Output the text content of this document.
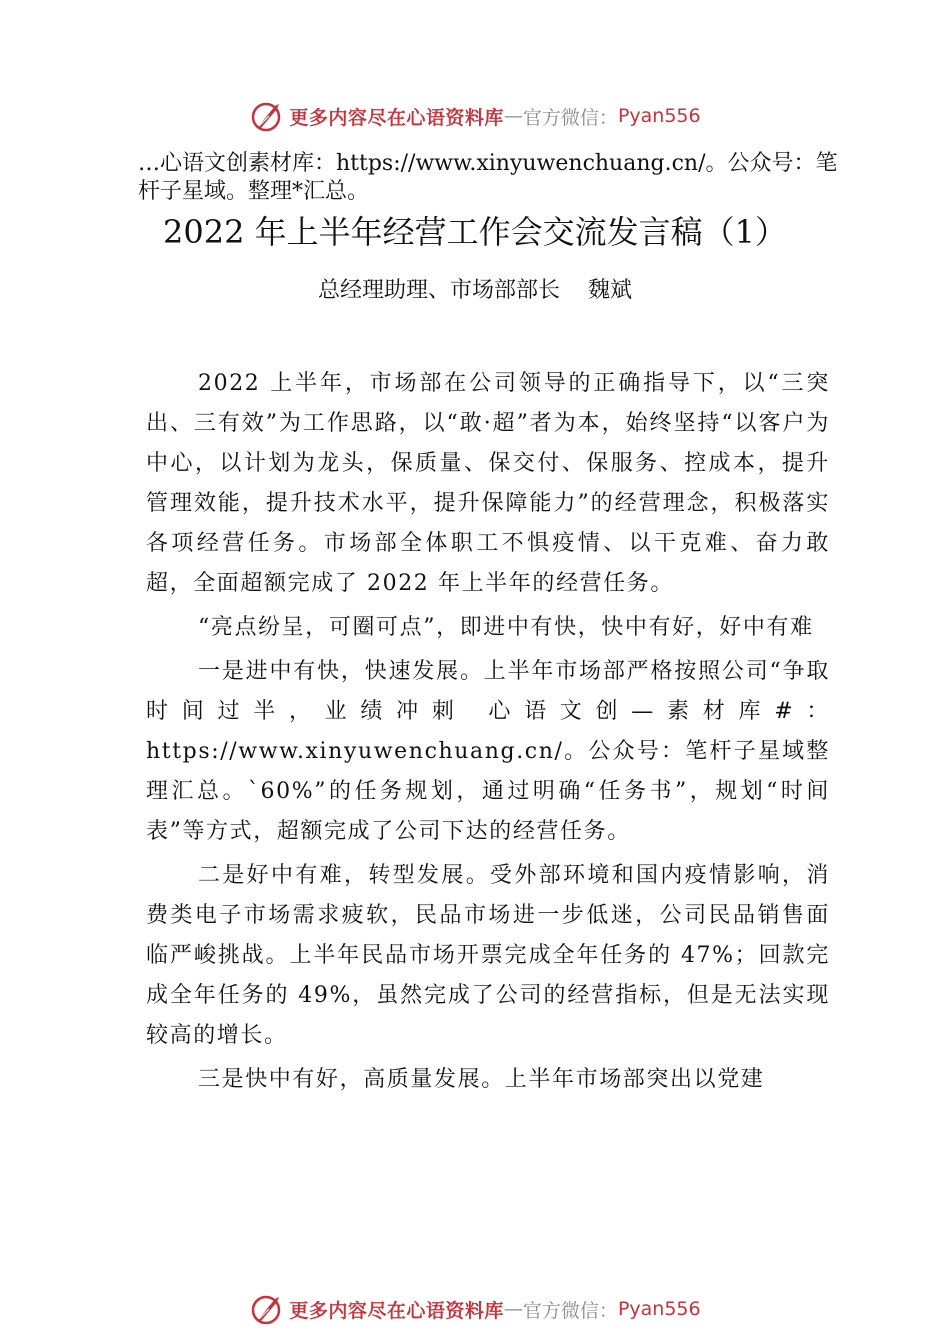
更多内容尽在心语资料库 — 官方微信： Pyan556

…心语文创素材库：https://www.xinyuwenchuang.cn/。公众号：笔杆子星域。整理*汇总。

2022 年上半年经营工作会交流发言稿（1）

总经理助理、市场部部长 魏斌

2022 上半年，市场部在公司领导的正确指导下，以“三突出、三有效”为工作思路，以“敢·超”者为本，始终坚持“以客户为中心，以计划为龙头，保质量、保交付、保服务、控成本，提升管理效能，提升技术水平，提升保障能力”的经营理念，积极落实各项经营任务。市场部全体职工不惧疫情、以干克难、奋力敢超，全面超额完成了 2022 年上半年的经营任务。

“亮点纷呈，可圈可点”，即进中有快，快中有好，好中有难

一是进中有快，快速发展。上半年市场部严格按照公司“争取时间过半，业绩冲刺 心语文创—素材库#：https://www.xinyuwenchuang.cn/。公众号：笔杆子星域整理汇总。`60%”的任务规划，通过明确“任务书”，规划“时间表”等方式，超额完成了公司下达的经营任务。

二是好中有难，转型发展。受外部环境和国内疫情影响，消费类电子市场需求疲软，民品市场进一步低迷，公司民品销售面临严峻挑战。上半年民品市场开票完成全年任务的 47%；回款完成全年任务的 49%，虽然完成了公司的经营指标，但是无法实现较高的增长。

三是快中有好，高质量发展。上半年市场部突出以党建

更多内容尽在心语资料库 — 官方微信： Pyan556
